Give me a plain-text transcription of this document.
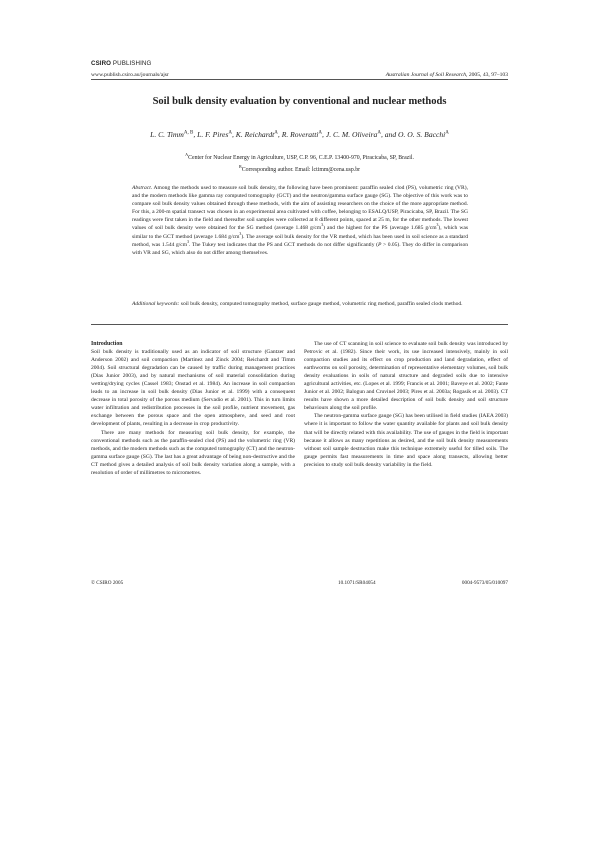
CSIRO PUBLISHING
www.publish.csiro.au/journals/ajsr	Australian Journal of Soil Research, 2005, 43, 97–103
Soil bulk density evaluation by conventional and nuclear methods
L. C. Timm$^{A, B}$, L. F. Pires$^A$, K. Reichardt$^A$, R. Roveratti$^A$, J. C. M. Oliveira$^A$, and O. O. S. Bacchi$^A$
$^A$Center for Nuclear Energy in Agriculture, USP, C.P. 96, C.E.P. 13400-970, Piracicaba, SP, Brazil.
$^B$Corresponding author. Email: lctimm@cena.usp.br
Abstract. Among the methods used to measure soil bulk density, the following have been prominent: paraffin sealed clod (PS), volumetric ring (VR), and the modern methods like gamma ray computed tomography (GCT) and the neutron/gamma surface gauge (SG). The objective of this work was to compare soil bulk density values obtained through these methods, with the aim of assisting researchers on the choice of the more appropriate method. For this, a 200-m spatial transect was chosen in an experimental area cultivated with coffee, belonging to ESALQ/USP, Piracicaba, SP, Brazil. The SG readings were first taken in the field and thereafter soil samples were collected at 8 different points, spaced at 25 m, for the other methods. The lowest values of soil bulk density were obtained for the SG method (average 1.468 $g/cm^3$) and the highest for the PS (average 1.685 $g/cm^3$), which was similar to the GCT method (average 1.684 $g/cm^3$). The average soil bulk density for the VR method, which has been used in soil science as a standard method, was 1.544 $g/cm^3$. The Tukey test indicates that the PS and GCT methods do not differ significantly (P > 0.05). They do differ in comparison with VR and SG, which also do not differ among themselves.
Additional keywords: soil bulk density, computed tomography method, surface gauge method, volumetric ring method, paraffin sealed clods method.
Introduction

Soil bulk density is traditionally used as an indicator of soil structure (Gantzer and Anderson 2002) and soil compaction (Martinez and Zinck 2004; Reichardt and Timm 2004). Soil structural degradation can be caused by traffic during management practices (Dias Junior 2003), and by natural mechanisms of soil material consolidation during wetting/drying cycles (Cassel 1983; Onstad et al. 1984). An increase in soil compaction leads to an increase in soil bulk density (Dias Junior et al. 1999) with a consequent decrease in total porosity of the porous medium (Servadio et al. 2001). This in turn limits water infiltration and redistribution processes in the soil profile, nutrient movement, gas exchange between the porous space and the open atmosphere, and seed and root development of plants, resulting in a decrease in crop productivity.

There are many methods for measuring soil bulk density, for example, the conventional methods such as the paraffin-sealed clod (PS) and the volumetric ring (VR) methods, and the modern methods such as the computed tomography (CT) and the neutron-gamma surface gauge (SG). The last has a great advantage of being non-destructive and the CT method gives a detailed analysis of soil bulk density variation along a sample, with a resolution of order of millimetres to micrometres.

The use of CT scanning in soil science to evaluate soil bulk density was introduced by Petrovic et al. (1982). Since their work, its use increased intensively, mainly in soil compaction studies and its effect on crop production and land degradation, effect of earthworms on soil porosity, determination of representative elementary volumes, soil bulk density evaluations in soils of natural structure and degraded soils due to intensive agricultural activities, etc. (Lopes et al. 1999; Francis et al. 2001; Baveye et al. 2002; Fante Junior et al. 2002; Balogun and Cruvinel 2003; Pires et al. 2003a; Rogasik et al. 2003). CT results have shown a more detailed description of soil bulk density and soil structure behaviours along the soil profile.

The neutron-gamma surface gauge (SG) has been utilised in field studies (IAEA 2003) where it is important to follow the water quantity available for plants and soil bulk density that will be directly related with this availability. The use of gauges in the field is important because it allows as many repetitions as desired, and the soil bulk density measurements without soil sample destruction make this technique extremely useful for tilled soils. The gauge permits fast measurements in time and space along transects, allowing better precision to study soil bulk density variability in the field.

© CSIRO 2005	10.1071/SR04054	0004-9573/05/010097
